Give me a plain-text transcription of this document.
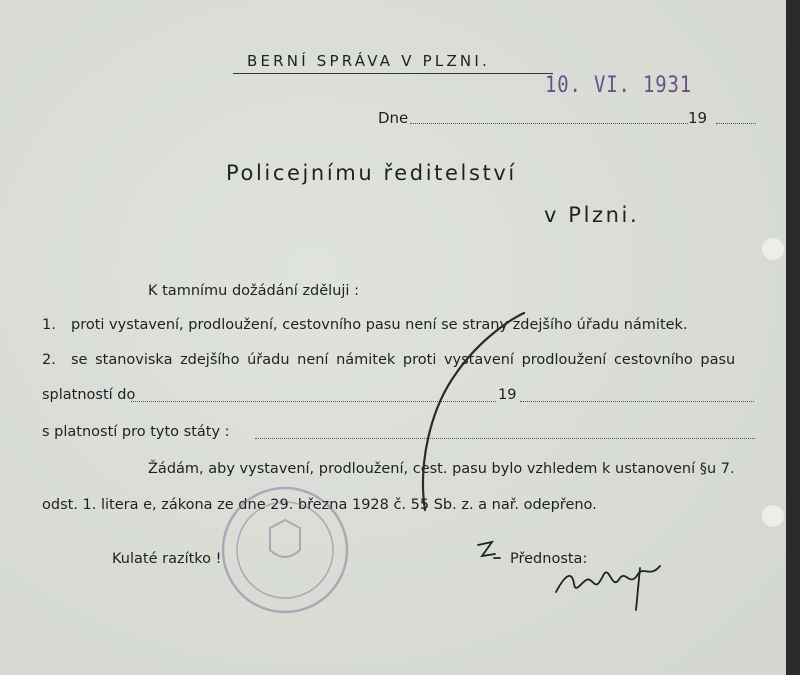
BERNÍ SPRÁVA V PLZNI.
10. VI. 1931
Dne	19
Policejnímu ředitelství
v Plzni.
K tamnímu dožádání zděluji :
1. proti vystavení, prodloužení, cestovního pasu není se strany zdejšího úřadu námitek.
2. se stanoviska zdejšího úřadu není námitek proti vystavení prodloužení cestovního pasu
splatností do	19
s platností pro tyto státy :
Žádám, aby vystavení, prodloužení, cest. pasu bylo vzhledem k ustanovení §u 7.
odst. 1. litera e, zákona ze dne 29. března 1928 č. 55 Sb. z. a nař. odepřeno.
Kulaté razítko !	Přednosta:
